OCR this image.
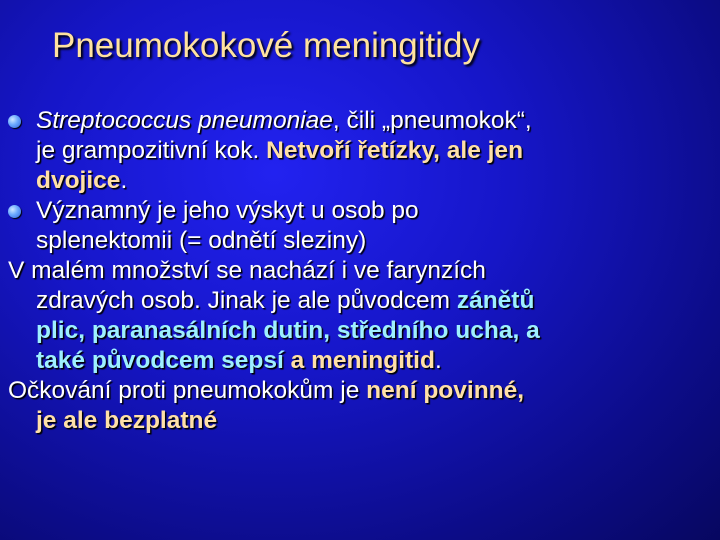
Pneumokokové meningitidy
Streptococcus pneumoniae, čili „pneumokok“,
je grampozitivní kok. Netvoří řetízky, ale jen
dvojice.
Významný je jeho výskyt u osob po
splenektomii (= odnětí sleziny)
V malém množství se nachází i ve farynzích
zdravých osob. Jinak je ale původcem zánětů
plic, paranasálních dutin, středního ucha, a
také původcem sepsí a meningitid.
Očkování proti pneumokokům je není povinné,
je ale bezplatné
